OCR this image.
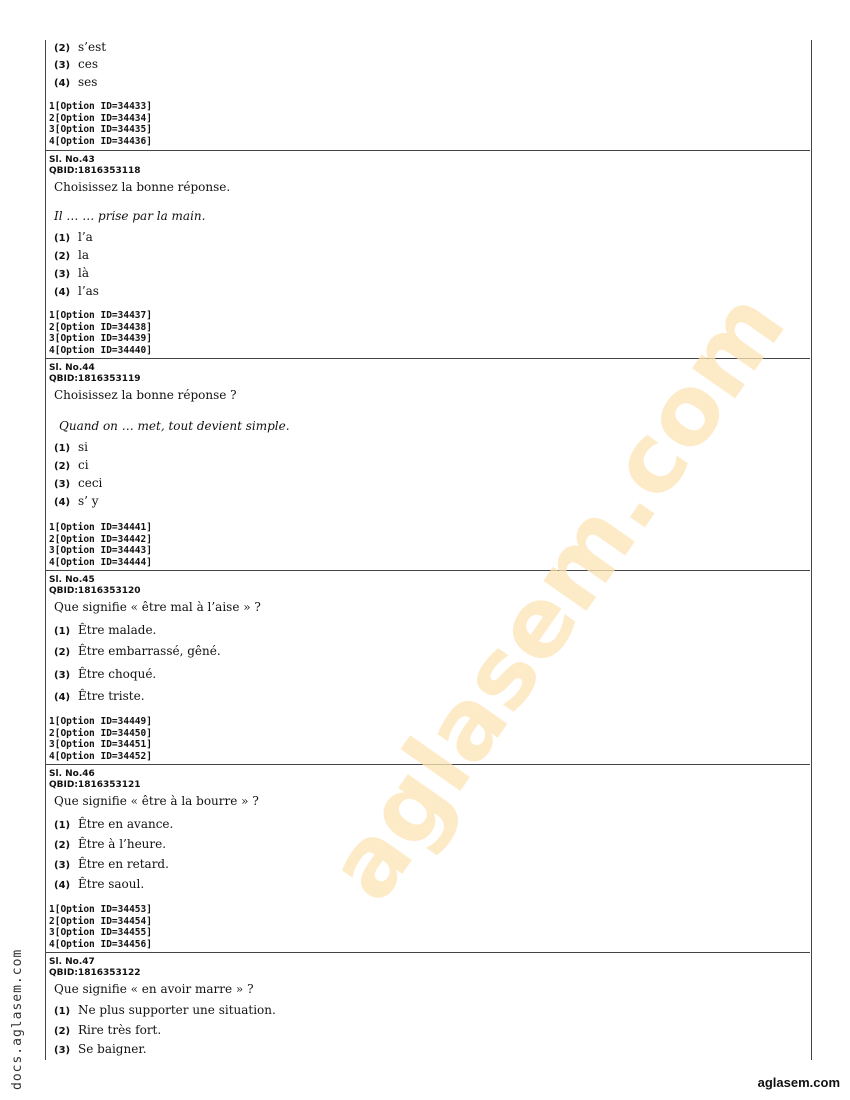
(2) s’est
(3) ces
(4) ses
1[Option ID=34433]
2[Option ID=34434]
3[Option ID=34435]
4[Option ID=34436]
Sl. No.43
QBID:1816353118
Choisissez la bonne réponse.
Il … … prise par la main.
(1) l’a
(2) la
(3) là
(4) l’as
1[Option ID=34437]
2[Option ID=34438]
3[Option ID=34439]
4[Option ID=34440]
Sl. No.44
QBID:1816353119
Choisissez la bonne réponse ?
Quand on … met, tout devient simple.
(1) si
(2) ci
(3) ceci
(4) s’ y
1[Option ID=34441]
2[Option ID=34442]
3[Option ID=34443]
4[Option ID=34444]
Sl. No.45
QBID:1816353120
Que signifie « être mal à l’aise » ?
(1) Être malade.
(2) Être embarrassé, gêné.
(3) Être choqué.
(4) Être triste.
1[Option ID=34449]
2[Option ID=34450]
3[Option ID=34451]
4[Option ID=34452]
Sl. No.46
QBID:1816353121
Que signifie « être à la bourre » ?
(1) Être en avance.
(2) Être à l’heure.
(3) Être en retard.
(4) Être saoul.
1[Option ID=34453]
2[Option ID=34454]
3[Option ID=34455]
4[Option ID=34456]
Sl. No.47
QBID:1816353122
Que signifie « en avoir marre » ?
(1) Ne plus supporter une situation.
(2) Rire très fort.
(3) Se baigner.
aglasem.com
docs.aglasem.com	aglasem.com
